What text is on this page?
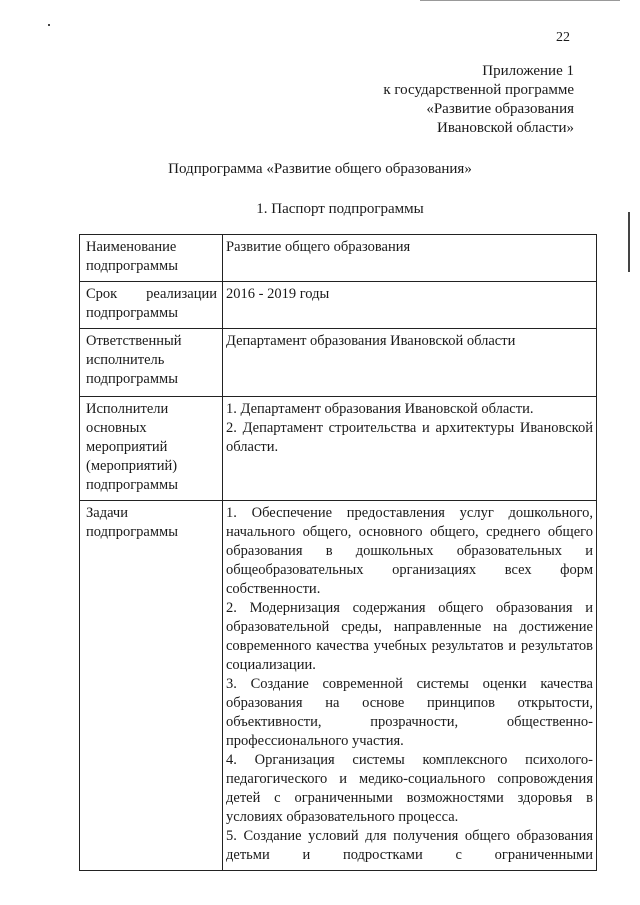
22
Приложение 1
к государственной программе
«Развитие образования
Ивановской области»
Подпрограмма «Развитие общего образования»
1. Паспорт подпрограммы
Наименование подпрограммы	Развитие общего образования
Срок реализации подпрограммы	2016 - 2019 годы
Ответственный исполнитель подпрограммы	Департамент образования Ивановской области
Исполнители основных мероприятий (мероприятий) подпрограммы	1. Департамент образования Ивановской области.
2. Департамент строительства и архитектуры Ивановской области.

Задачи подпрограммы	1. Обеспечение предоставления услуг дошкольного, начального общего, основного общего, среднего общего образования в дошкольных образовательных и общеобразовательных организациях всех форм собственности.
2. Модернизация содержания общего образования и образовательной среды, направленные на достижение современного качества учебных результатов и результатов социализации.
3. Создание современной системы оценки качества образования на основе принципов открытости, объективности, прозрачности, общественно-профессионального участия.
4. Организация системы комплексного психолого-педагогического и медико-социального сопровождения детей с ограниченными возможностями здоровья в условиях образовательного процесса.
5. Создание условий для получения общего образования детьми и подростками с ограниченными
